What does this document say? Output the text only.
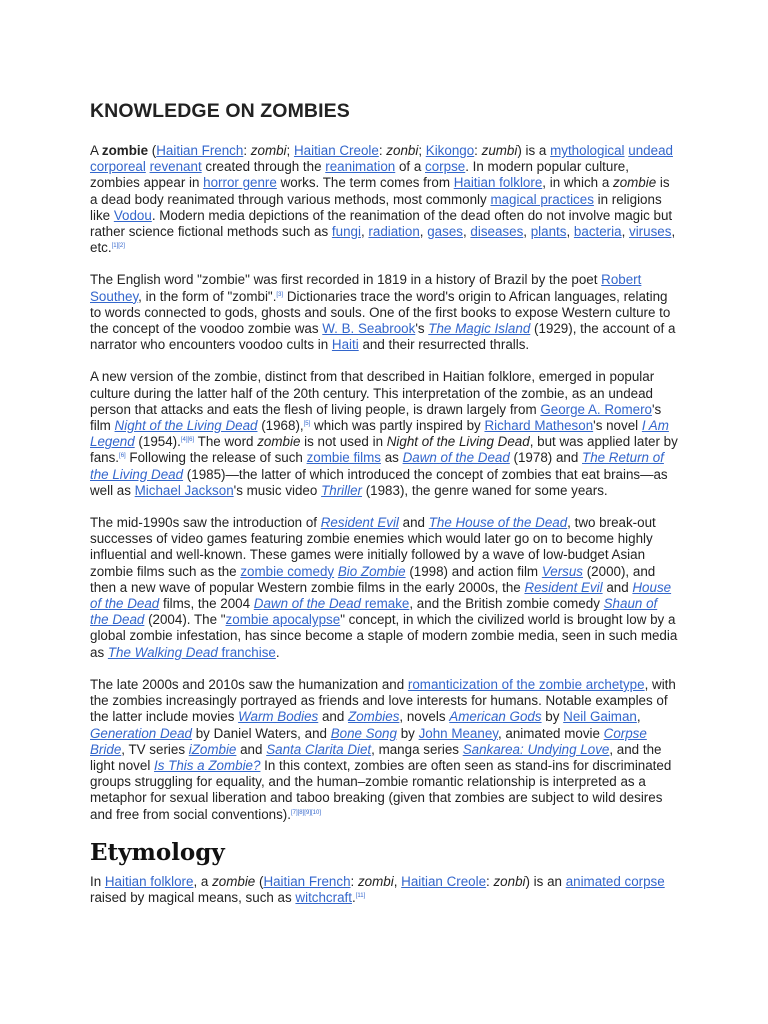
KNOWLEDGE ON ZOMBIES

A zombie (Haitian French: zombi; Haitian Creole: zonbi; Kikongo: zumbi) is a mythological undead corporeal revenant created through the reanimation of a corpse. In modern popular culture, zombies appear in horror genre works. The term comes from Haitian folklore, in which a zombie is a dead body reanimated through various methods, most commonly magical practices in religions like Vodou. Modern media depictions of the reanimation of the dead often do not involve magic but rather science fictional methods such as fungi, radiation, gases, diseases, plants, bacteria, viruses, etc.[1][2]

The English word "zombie" was first recorded in 1819 in a history of Brazil by the poet Robert Southey, in the form of "zombi".[3] Dictionaries trace the word's origin to African languages, relating to words connected to gods, ghosts and souls. One of the first books to expose Western culture to the concept of the voodoo zombie was W. B. Seabrook's The Magic Island (1929), the account of a narrator who encounters voodoo cults in Haiti and their resurrected thralls.

A new version of the zombie, distinct from that described in Haitian folklore, emerged in popular culture during the latter half of the 20th century. This interpretation of the zombie, as an undead person that attacks and eats the flesh of living people, is drawn largely from George A. Romero's film Night of the Living Dead (1968),[5] which was partly inspired by Richard Matheson's novel I Am Legend (1954).[4][6] The word zombie is not used in Night of the Living Dead, but was applied later by fans.[6] Following the release of such zombie films as Dawn of the Dead (1978) and The Return of the Living Dead (1985)—the latter of which introduced the concept of zombies that eat brains—as well as Michael Jackson's music video Thriller (1983), the genre waned for some years.

The mid-1990s saw the introduction of Resident Evil and The House of the Dead, two break-out successes of video games featuring zombie enemies which would later go on to become highly influential and well-known. These games were initially followed by a wave of low-budget Asian zombie films such as the zombie comedy Bio Zombie (1998) and action film Versus (2000), and then a new wave of popular Western zombie films in the early 2000s, the Resident Evil and House of the Dead films, the 2004 Dawn of the Dead remake, and the British zombie comedy Shaun of the Dead (2004). The "zombie apocalypse" concept, in which the civilized world is brought low by a global zombie infestation, has since become a staple of modern zombie media, seen in such media as The Walking Dead franchise.

The late 2000s and 2010s saw the humanization and romanticization of the zombie archetype, with the zombies increasingly portrayed as friends and love interests for humans. Notable examples of the latter include movies Warm Bodies and Zombies, novels American Gods by Neil Gaiman, Generation Dead by Daniel Waters, and Bone Song by John Meaney, animated movie Corpse Bride, TV series iZombie and Santa Clarita Diet, manga series Sankarea: Undying Love, and the light novel Is This a Zombie? In this context, zombies are often seen as stand-ins for discriminated groups struggling for equality, and the human–zombie romantic relationship is interpreted as a metaphor for sexual liberation and taboo breaking (given that zombies are subject to wild desires and free from social conventions).[7][8][9][10]

Etymology

In Haitian folklore, a zombie (Haitian French: zombi, Haitian Creole: zonbi) is an animated corpse raised by magical means, such as witchcraft.[11]
